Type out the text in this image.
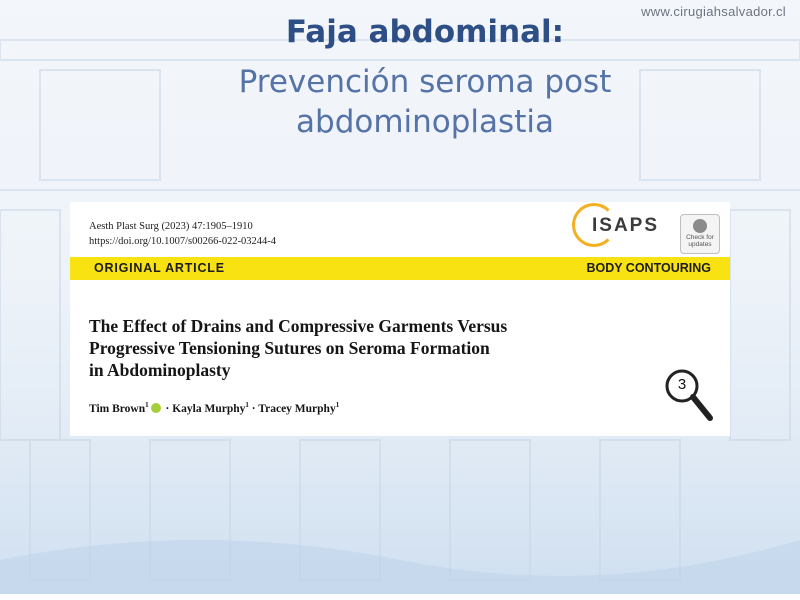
www.cirugiahsalvador.cl
Faja abdominal:
Prevención seroma post
abdominoplastia
Aesth Plast Surg (2023) 47:1905–1910
https://doi.org/10.1007/s00266-022-03244-4
ISAPS
Check for
updates
ORIGINAL ARTICLE	BODY CONTOURING
The Effect of Drains and Compressive Garments Versus
Progressive Tensioning Sutures on Seroma Formation
in Abdominoplasty
Tim Brown$^1$ · Kayla Murphy$^1$ · Tracey Murphy$^1$
3
